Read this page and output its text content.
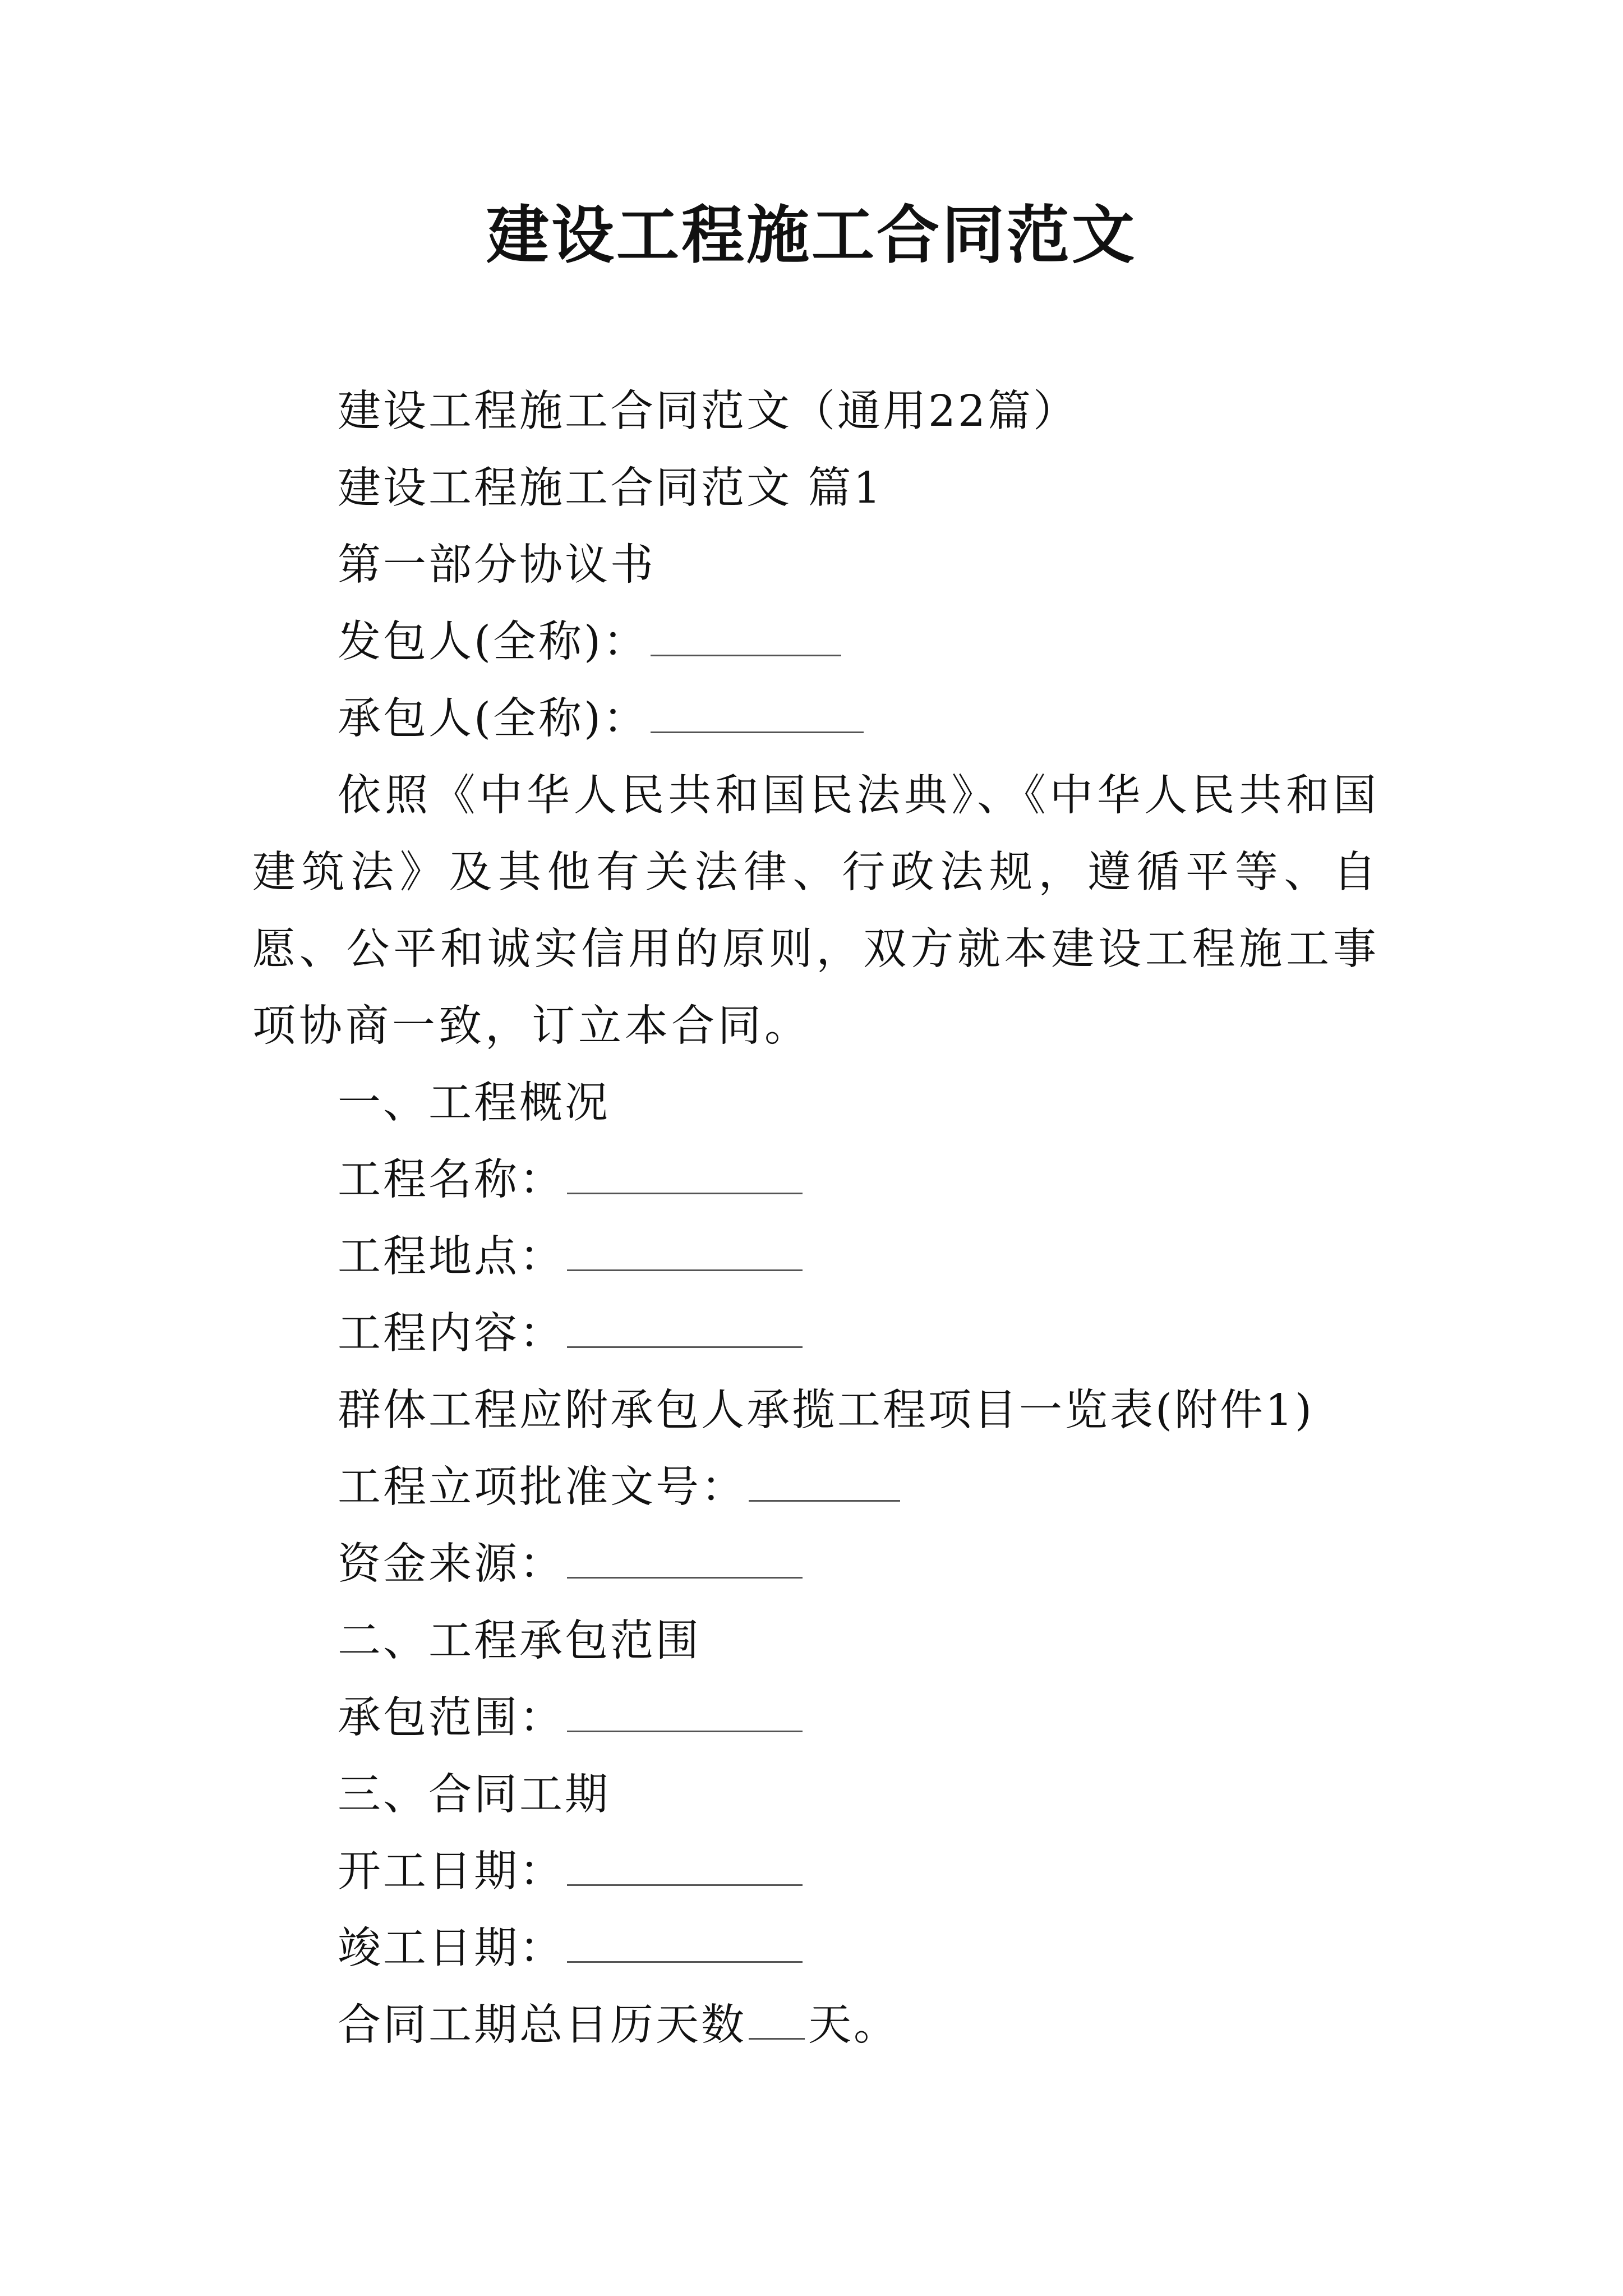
建设工程施工合同范文

建设工程施工合同范文（通用22篇）

建设工程施工合同范文 篇1

第一部分协议书

发包人(全称)：

承包人(全称)：

依照《中华人民共和国民法典》、《中华人民共和国建筑法》及其他有关法律、行政法规，遵循平等、自愿、公平和诚实信用的原则，双方就本建设工程施工事项协商一致，订立本合同。

一、工程概况

工程名称：

工程地点：

工程内容：

群体工程应附承包人承揽工程项目一览表(附件1)

工程立项批准文号：

资金来源：

二、工程承包范围

承包范围：

三、合同工期

开工日期：

竣工日期：

合同工期总日历天数 天。
